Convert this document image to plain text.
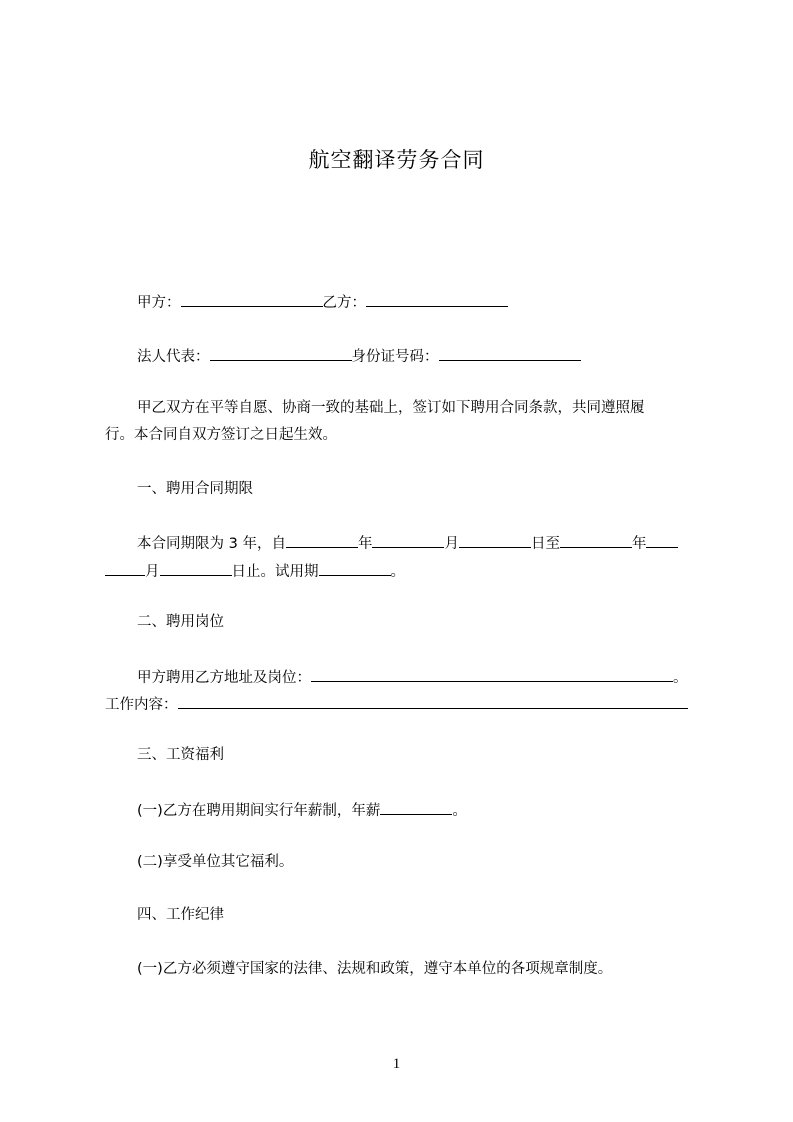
航空翻译劳务合同
甲方：	乙方：
法人代表：	身份证号码：
甲乙双方在平等自愿、协商一致的基础上，签订如下聘用合同条款，共同遵照履
行。本合同自双方签订之日起生效。
一、聘用合同期限
本合同期限为 3 年，自	年	月	日至	年
月	日止。试用期	。
二、聘用岗位
甲方聘用乙方地址及岗位：	。
工作内容：
三、工资福利
(一)乙方在聘用期间实行年薪制，年薪	。
(二)享受单位其它福利。
四、工作纪律
(一)乙方必须遵守国家的法律、法规和政策，遵守本单位的各项规章制度。
1
